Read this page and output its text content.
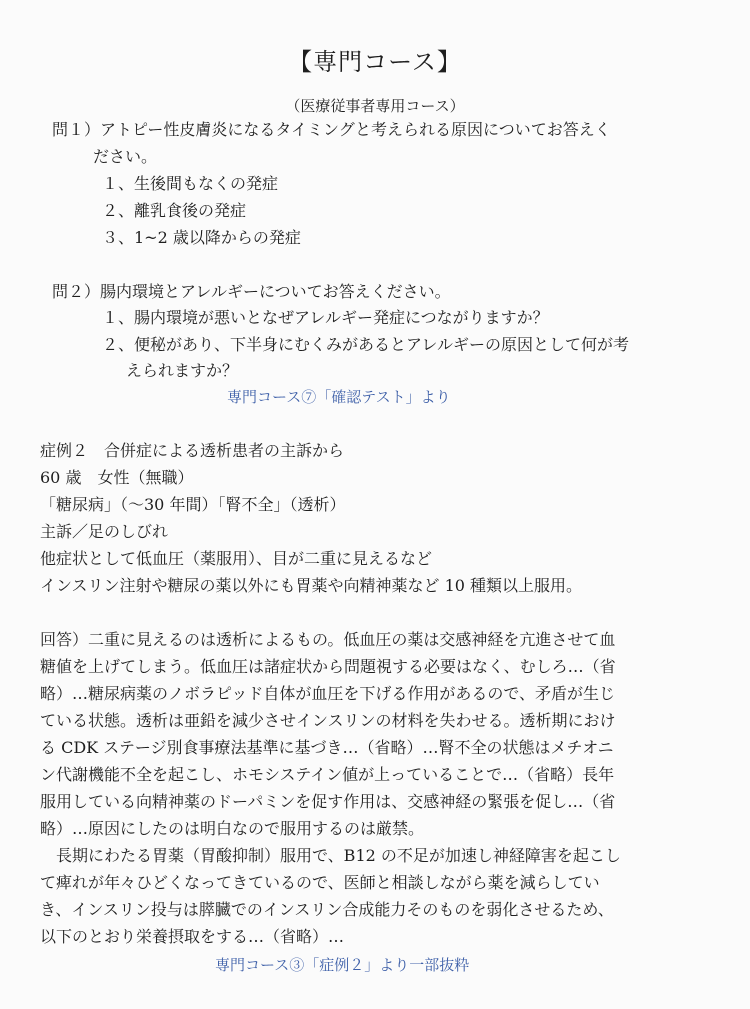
【専門コース】
（医療従事者専用コース）
問１）アトピー性皮膚炎になるタイミングと考えられる原因についてお答えく
ださい。
１、生後間もなくの発症
２、離乳食後の発症
３、1~2 歳以降からの発症
問２）腸内環境とアレルギーについてお答えください。
１、腸内環境が悪いとなぜアレルギー発症につながりますか？
２、便秘があり、下半身にむくみがあるとアレルギーの原因として何が考
えられますか？
専門コース⑦「確認テスト」より
症例２　合併症による透析患者の主訴から
60 歳　女性（無職）
「糖尿病」（～30 年間）「腎不全」（透析）
主訴／足のしびれ
他症状として低血圧（薬服用）、目が二重に見えるなど
インスリン注射や糖尿の薬以外にも胃薬や向精神薬など 10 種類以上服用。
回答）二重に見えるのは透析によるもの。低血圧の薬は交感神経を亢進させて血
糖値を上げてしまう。低血圧は諸症状から問題視する必要はなく、むしろ…（省
略）…糖尿病薬のノボラピッド自体が血圧を下げる作用があるので、矛盾が生じ
ている状態。透析は亜鉛を減少させインスリンの材料を失わせる。透析期におけ
る CDK ステージ別食事療法基準に基づき…（省略）…腎不全の状態はメチオニ
ン代謝機能不全を起こし、ホモシステイン値が上っていることで…（省略）長年
服用している向精神薬のドーパミンを促す作用は、交感神経の緊張を促し…（省
略）…原因にしたのは明白なので服用するのは厳禁。
　長期にわたる胃薬（胃酸抑制）服用で、B12 の不足が加速し神経障害を起こし
て痺れが年々ひどくなってきているので、医師と相談しながら薬を減らしてい
き、インスリン投与は膵臓でのインスリン合成能力そのものを弱化させるため、
以下のとおり栄養摂取をする…（省略）…
専門コース③「症例２」より一部抜粋
